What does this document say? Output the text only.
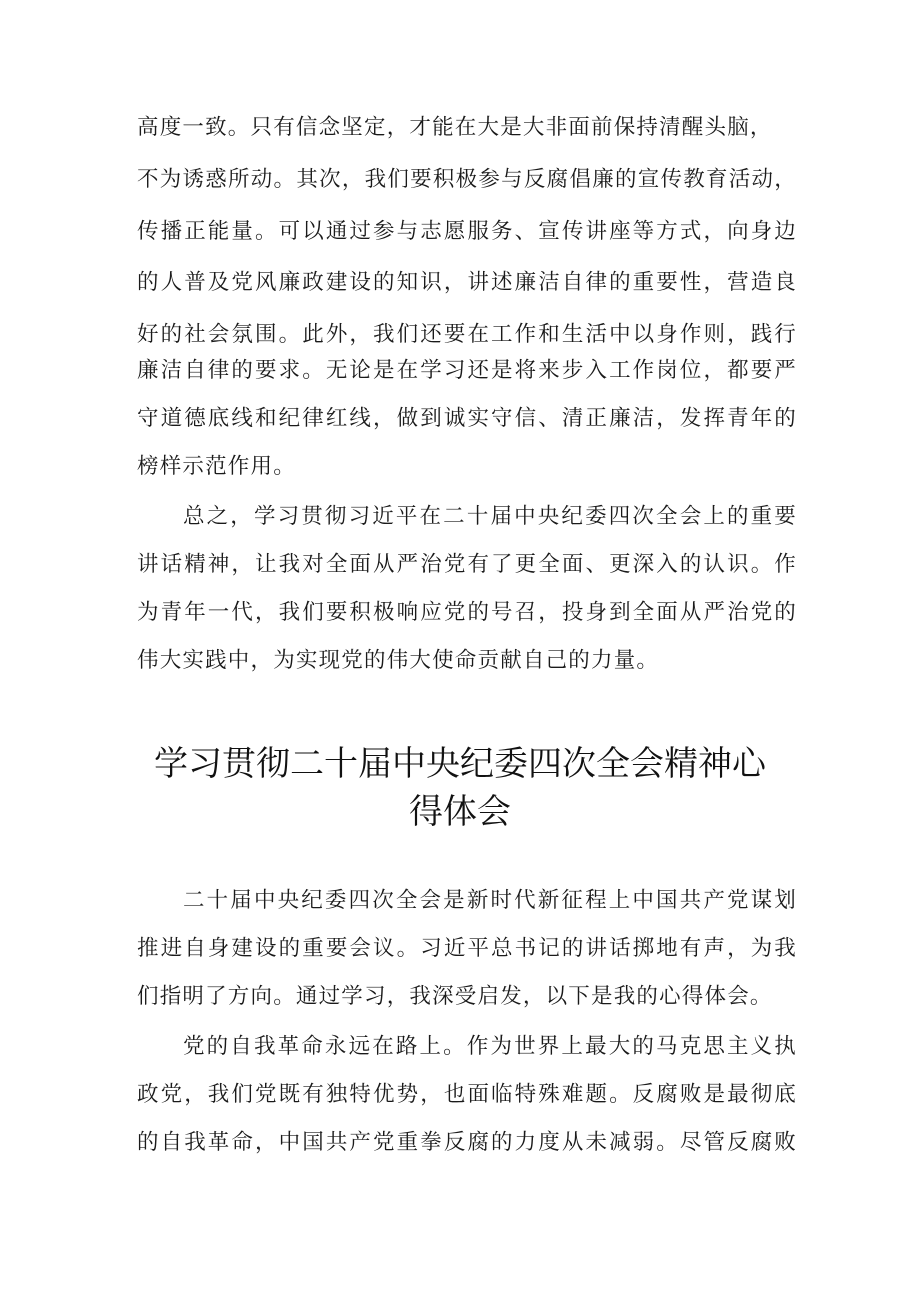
高度一致。只有信念坚定，才能在大是大非面前保持清醒头脑，
不为诱惑所动。其次，我们要积极参与反腐倡廉的宣传教育活动，
传播正能量。可以通过参与志愿服务、宣传讲座等方式，向身边
的人普及党风廉政建设的知识，讲述廉洁自律的重要性，营造良
好的社会氛围。此外，我们还要在工作和生活中以身作则，践行
廉洁自律的要求。无论是在学习还是将来步入工作岗位，都要严
守道德底线和纪律红线，做到诚实守信、清正廉洁，发挥青年的
榜样示范作用。
总之，学习贯彻习近平在二十届中央纪委四次全会上的重要
讲话精神，让我对全面从严治党有了更全面、更深入的认识。作
为青年一代，我们要积极响应党的号召，投身到全面从严治党的
伟大实践中，为实现党的伟大使命贡献自己的力量。
学习贯彻二十届中央纪委四次全会精神心
得体会
二十届中央纪委四次全会是新时代新征程上中国共产党谋划
推进自身建设的重要会议。习近平总书记的讲话掷地有声，为我
们指明了方向。通过学习，我深受启发，以下是我的心得体会。
党的自我革命永远在路上。作为世界上最大的马克思主义执
政党，我们党既有独特优势，也面临特殊难题。反腐败是最彻底
的自我革命，中国共产党重拳反腐的力度从未减弱。尽管反腐败
